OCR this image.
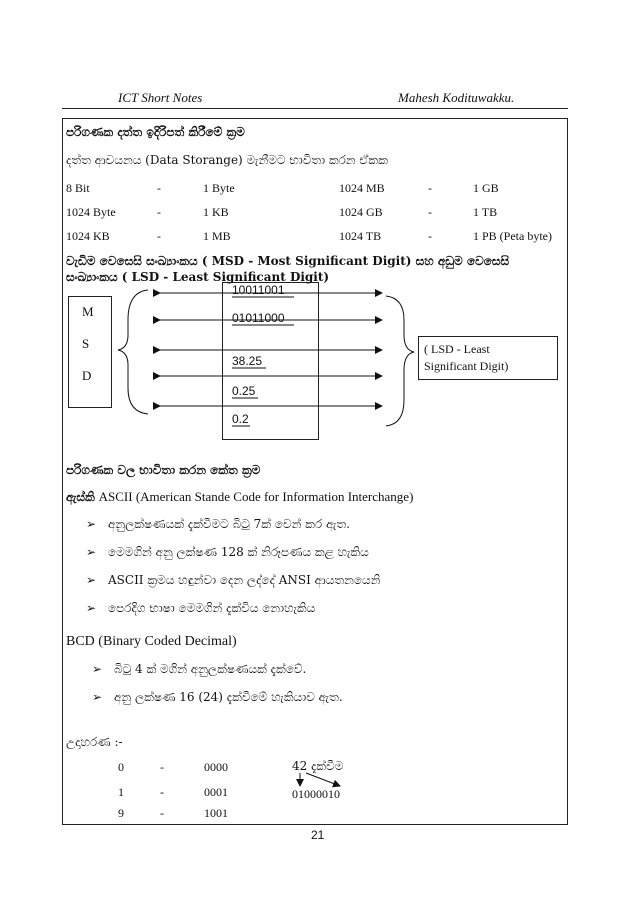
ICT Short Notes	Mahesh Kodituwakku.
පරිගණක දත්ත ඉදිරිපත් කිරීමේ ක්‍රම
දත්ත ආචයනය (Data Storange) මැනීමට භාවිතා කරන ඒකක
8 Bit	-	1 Byte	1024 MB	-	1 GB
1024 Byte	-	1 KB	1024 GB	-	1 TB
1024 KB	-	1 MB	1024 TB	-	1 PB (Peta byte)
වැඩිම වෙසෙසි සංඛ්‍යාංකය ( MSD - Most Significant Digit) සහ අඩුම වෙසෙසි
සංඛ්‍යාංකය ( LSD - Least Significant Digit)
M
S
D
10011001
01011000
38.25
0.25
0.2
( LSD - Least
Significant Digit)
පරිගණක වල භාවිතා කරන කේත ක්‍රම
ඇස්කි ASCII (American Stande Code for Information Interchange)
➢ අනුලක්ෂණයක් දැක්වීමට බිටු 7ක් වෙන් කර ඇත.
➢ මෙමගින් අනු ලක්ෂණ 128 ක් නිරූපණය කළ හැකිය
➢ ASCII ක්‍රමය හඳුන්වා දෙන ලද්දේ ANSI ආයතනයෙනි
➢ පෙරදිග භාෂා මෙමගින් දැක්විය නොහැකිය
BCD (Binary Coded Decimal)
➢ බිටු 4 ක් මගින් අනුලක්ෂණයක් දැක්වේ.
➢ අනු ලක්ෂණ 16 (24) දැක්වීමේ හැකියාව ඇත.
උදාහරණ :-
0	-	0000
1	-	0001
9	-	1001
42 දැක්වීම
01000010
21
